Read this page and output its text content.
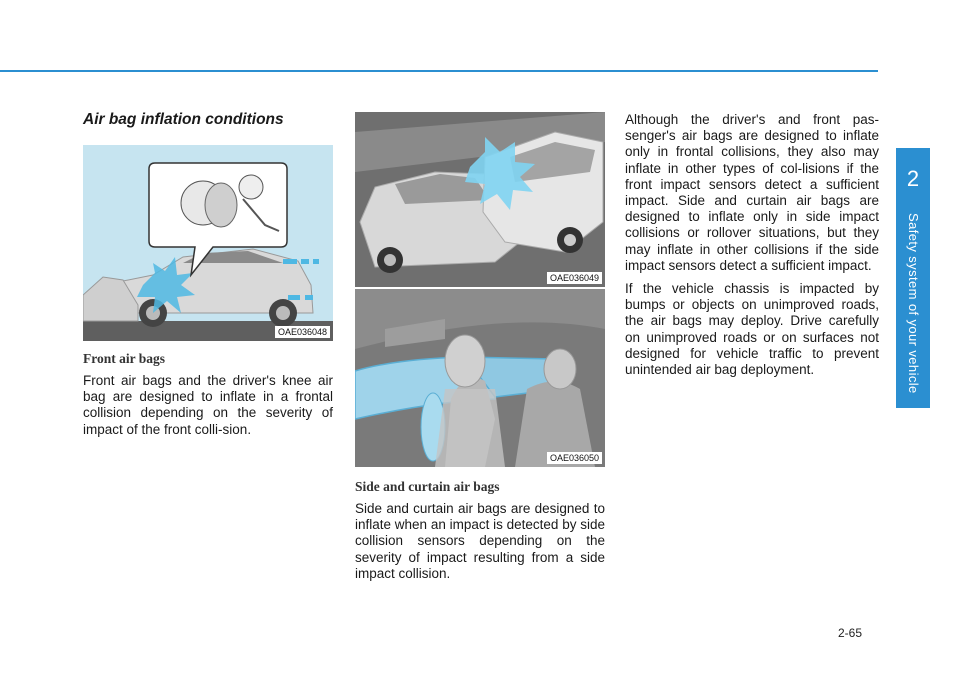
2
Safety system of your vehicle
Air bag inflation conditions
OAE036048
Front air bags

Front air bags and the driver's knee air bag are designed to inflate in a frontal collision depending on the severity of impact of the front colli-sion.

OAE036049
OAE036050
Side and curtain air bags

Side and curtain air bags are designed to inflate when an impact is detected by side collision sensors depending on the severity of impact resulting from a side impact collision.

Although the driver's and front pas-senger's air bags are designed to inflate only in frontal collisions, they also may inflate in other types of col-lisions if the front impact sensors detect a sufficient impact. Side and curtain air bags are designed to inflate only in side impact collisions or rollover situations, but they may inflate in other collisions if the side impact sensors detect a sufficient impact.

If the vehicle chassis is impacted by bumps or objects on unimproved roads, the air bags may deploy. Drive carefully on unimproved roads or on surfaces not designed for vehicle traffic to prevent unintended air bag deployment.

2-65
